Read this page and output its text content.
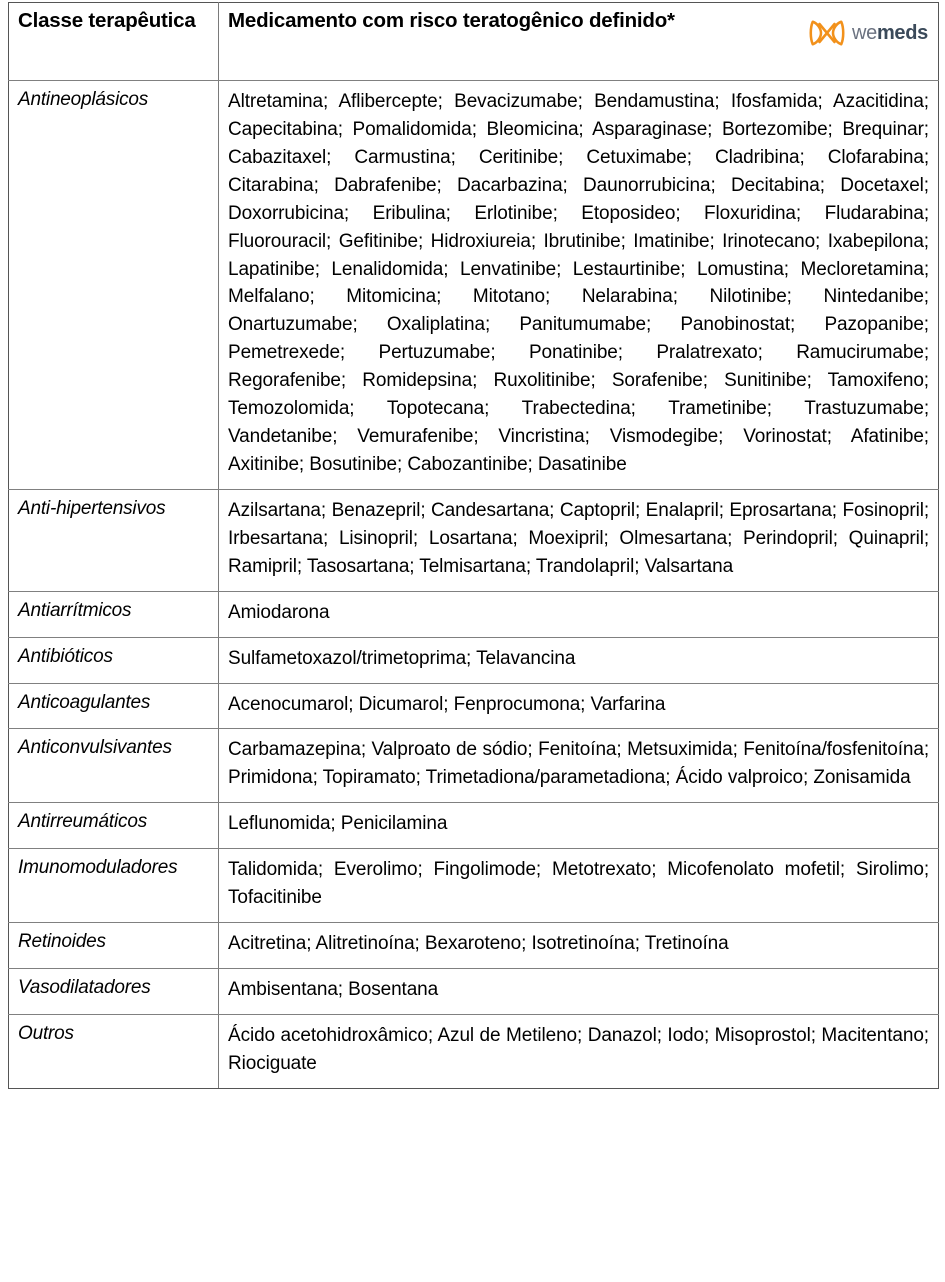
Classe terapêutica	Medicamento com risco teratogênico definido*
wemeds

Antineoplásicos	Altretamina; Aflibercepte; Bevacizumabe; Bendamustina; Ifosfamida; Azacitidina; Capecitabina; Pomalidomida; Bleomicina; Asparaginase; Bortezomibe; Brequinar; Cabazitaxel; Carmustina; Ceritinibe; Cetuximabe; Cladribina; Clofarabina; Citarabina; Dabrafenibe; Dacarbazina; Daunorrubicina; Decitabina; Docetaxel; Doxorrubicina; Eribulina; Erlotinibe; Etoposideo; Floxuridina; Fludarabina; Fluorouracil; Gefitinibe; Hidroxiureia; Ibrutinibe; Imatinibe; Irinotecano; Ixabepilona; Lapatinibe; Lenalidomida; Lenvatinibe; Lestaurtinibe; Lomustina; Mecloretamina; Melfalano; Mitomicina; Mitotano; Nelarabina; Nilotinibe; Nintedanibe; Onartuzumabe; Oxaliplatina; Panitumumabe; Panobinostat; Pazopanibe; Pemetrexede; Pertuzumabe; Ponatinibe; Pralatrexato; Ramucirumabe; Regorafenibe; Romidepsina; Ruxolitinibe; Sorafenibe; Sunitinibe; Tamoxifeno; Temozolomida; Topotecana; Trabectedina; Trametinibe; Trastuzumabe; Vandetanibe; Vemurafenibe; Vincristina; Vismodegibe; Vorinostat; Afatinibe; Axitinibe; Bosutinibe; Cabozantinibe; Dasatinibe
Anti-hipertensivos	Azilsartana; Benazepril; Candesartana; Captopril; Enalapril; Eprosartana; Fosinopril; Irbesartana; Lisinopril; Losartana; Moexipril; Olmesartana; Perindopril; Quinapril; Ramipril; Tasosartana; Telmisartana; Trandolapril; Valsartana
Antiarrítmicos	Amiodarona
Antibióticos	Sulfametoxazol/trimetoprima; Telavancina
Anticoagulantes	Acenocumarol; Dicumarol; Fenprocumona; Varfarina
Anticonvulsivantes	Carbamazepina; Valproato de sódio; Fenitoína; Metsuximida; Fenitoína/fosfenitoína; Primidona; Topiramato; Trimetadiona/parametadiona; Ácido valproico; Zonisamida
Antirreumáticos	Leflunomida; Penicilamina
Imunomoduladores	Talidomida; Everolimo; Fingolimode; Metotrexato; Micofenolato mofetil; Sirolimo; Tofacitinibe
Retinoides	Acitretina; Alitretinoína; Bexaroteno; Isotretinoína; Tretinoína
Vasodilatadores	Ambisentana; Bosentana
Outros	Ácido acetohidroxâmico; Azul de Metileno; Danazol; Iodo; Misoprostol; Macitentano; Riociguate
